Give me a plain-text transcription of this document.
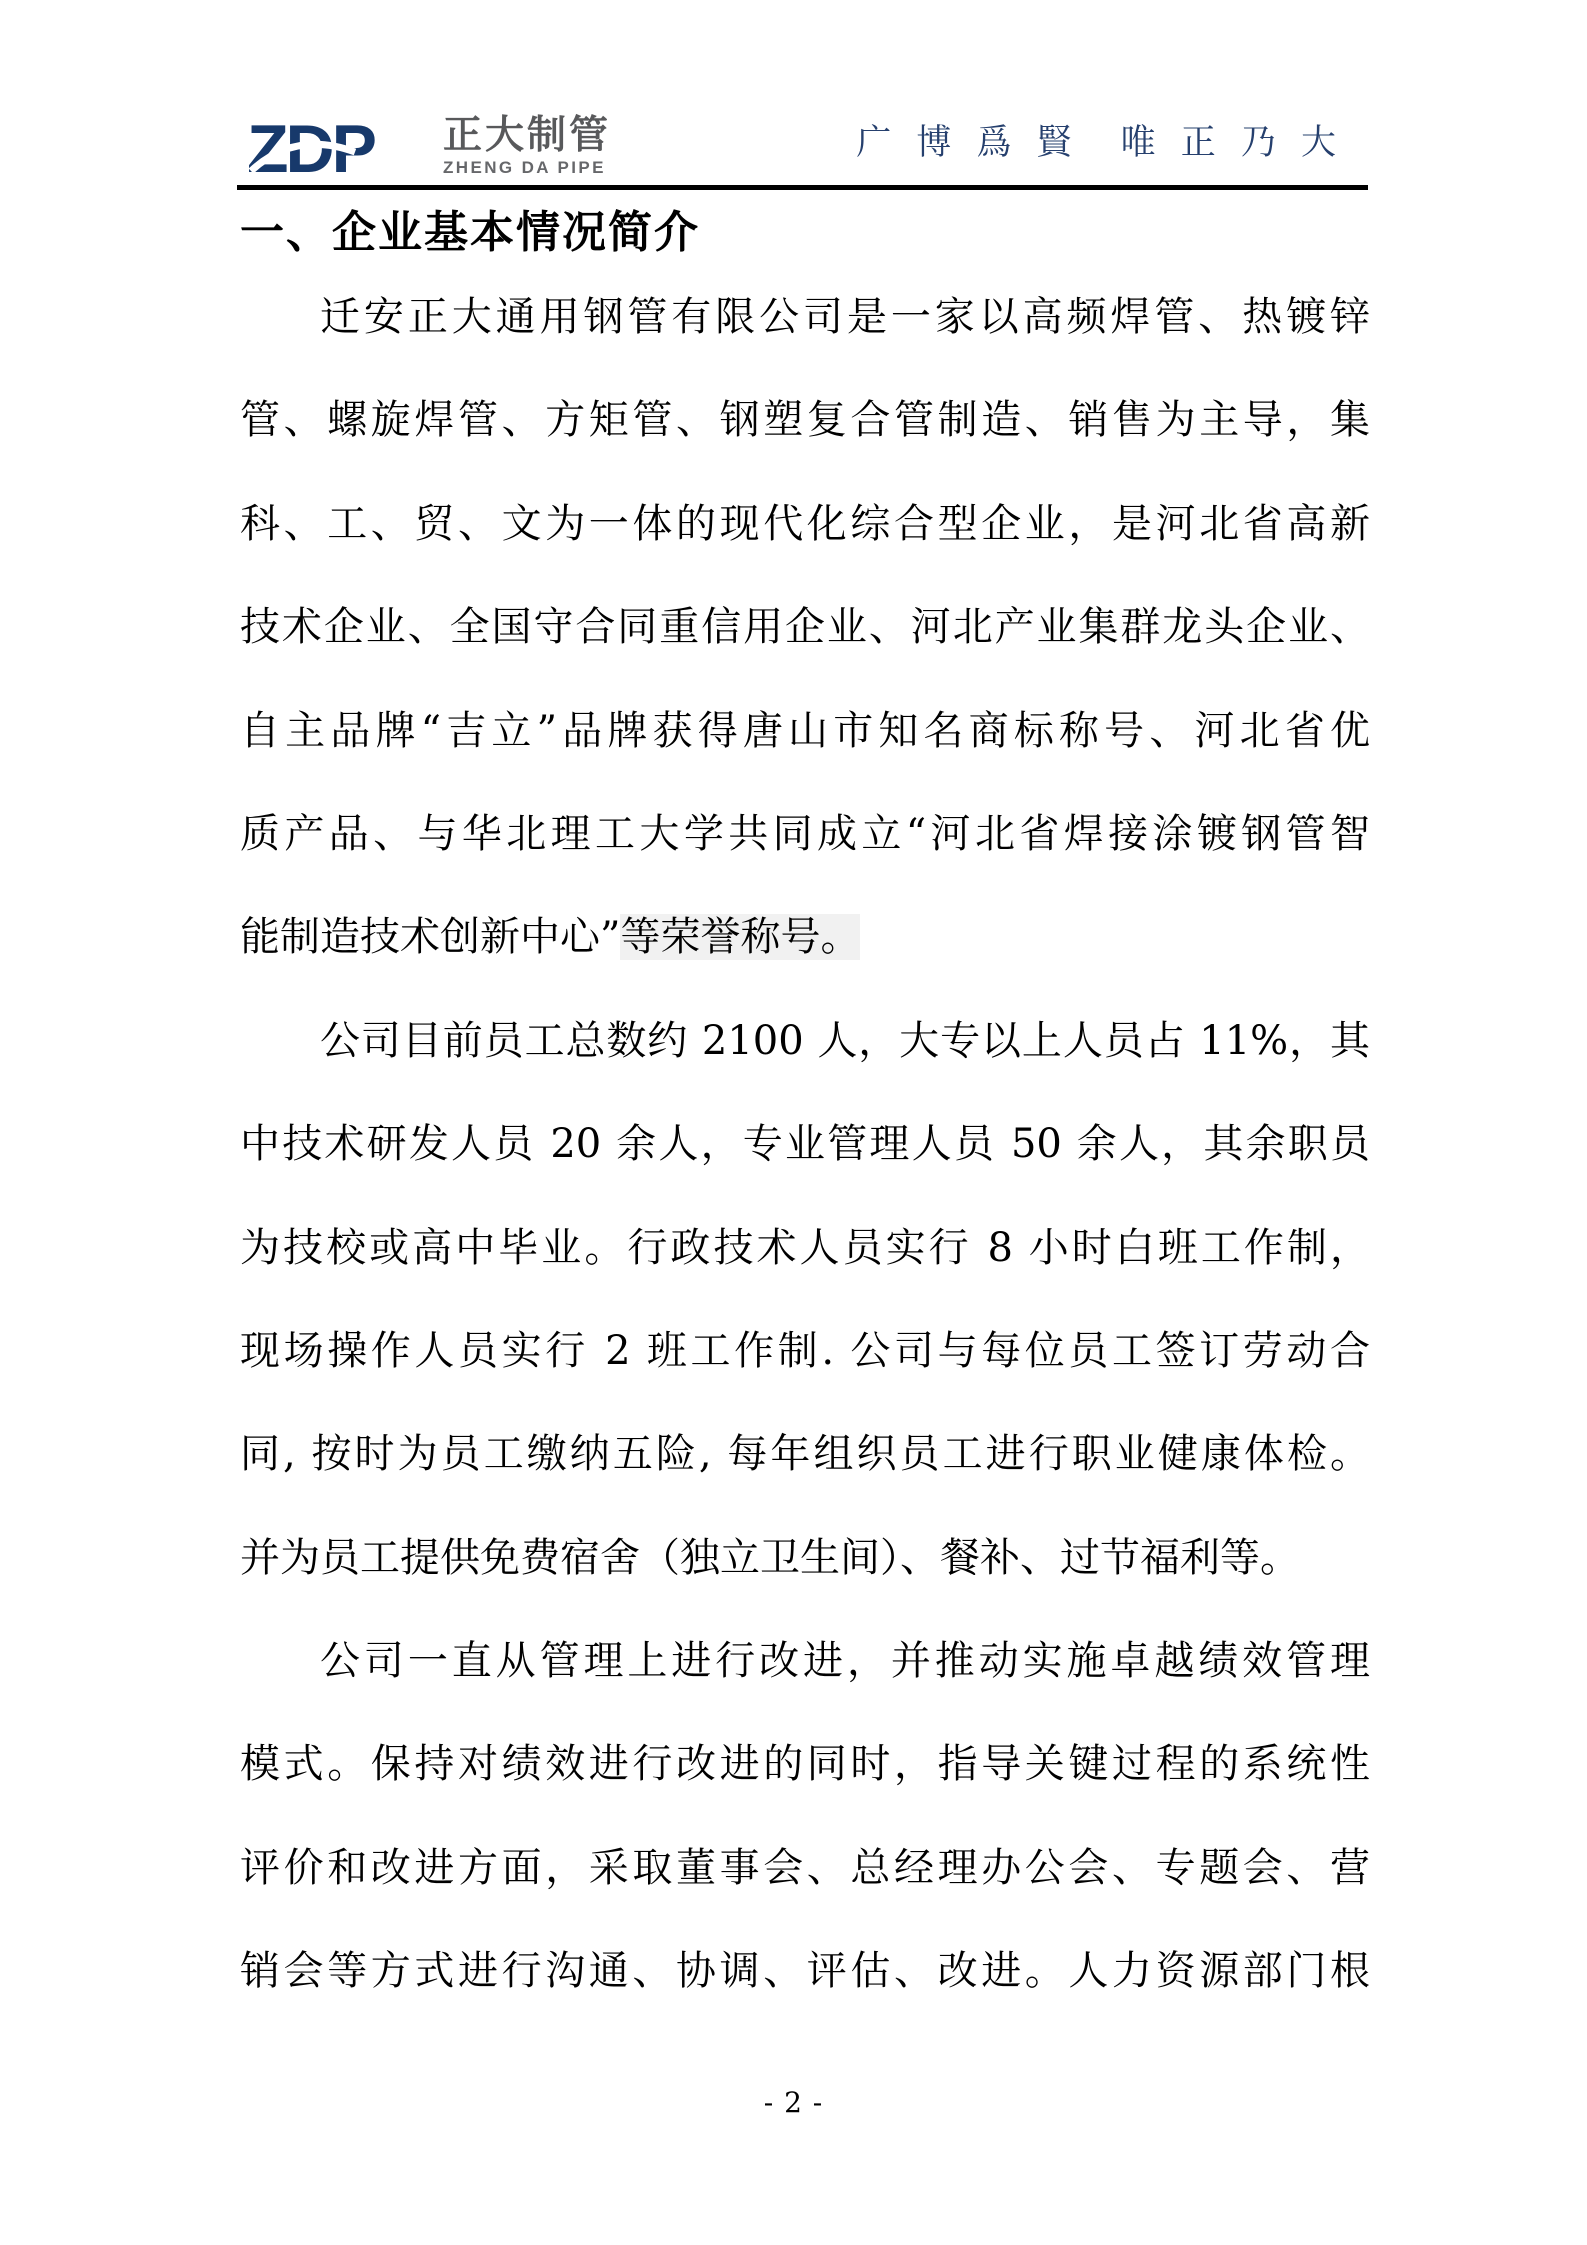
ZDP 正大制管
ZHENG DA PIPE
广 博 爲 賢　唯 正 乃 大
一、企业基本情况简介
迁安正大通用钢管有限公司是一家以高频焊管、热镀锌
管、螺旋焊管、方矩管、钢塑复合管制造、销售为主导，集
科、工、贸、文为一体的现代化综合型企业，是河北省高新
技术企业、全国守合同重信用企业、河北产业集群龙头企业、
自主品牌“吉立”品牌获得唐山市知名商标称号、河北省优
质产品、与华北理工大学共同成立“河北省焊接涂镀钢管智
能制造技术创新中心”等荣誉称号。
公司目前员工总数约 2100 人，大专以上人员占 11%，其
中技术研发人员 20 余人，专业管理人员 50 余人，其余职员
为技校或高中毕业。行政技术人员实行 8 小时白班工作制，
现场操作人员实行 2 班工作制. 公司与每位员工签订劳动合
同, 按时为员工缴纳五险, 每年组织员工进行职业健康体检。
并为员工提供免费宿舍（独立卫生间）、餐补、过节福利等。
公司一直从管理上进行改进，并推动实施卓越绩效管理
模式。保持对绩效进行改进的同时，指导关键过程的系统性
评价和改进方面，采取董事会、总经理办公会、专题会、营
销会等方式进行沟通、协调、评估、改进。人力资源部门根
- 2 -
